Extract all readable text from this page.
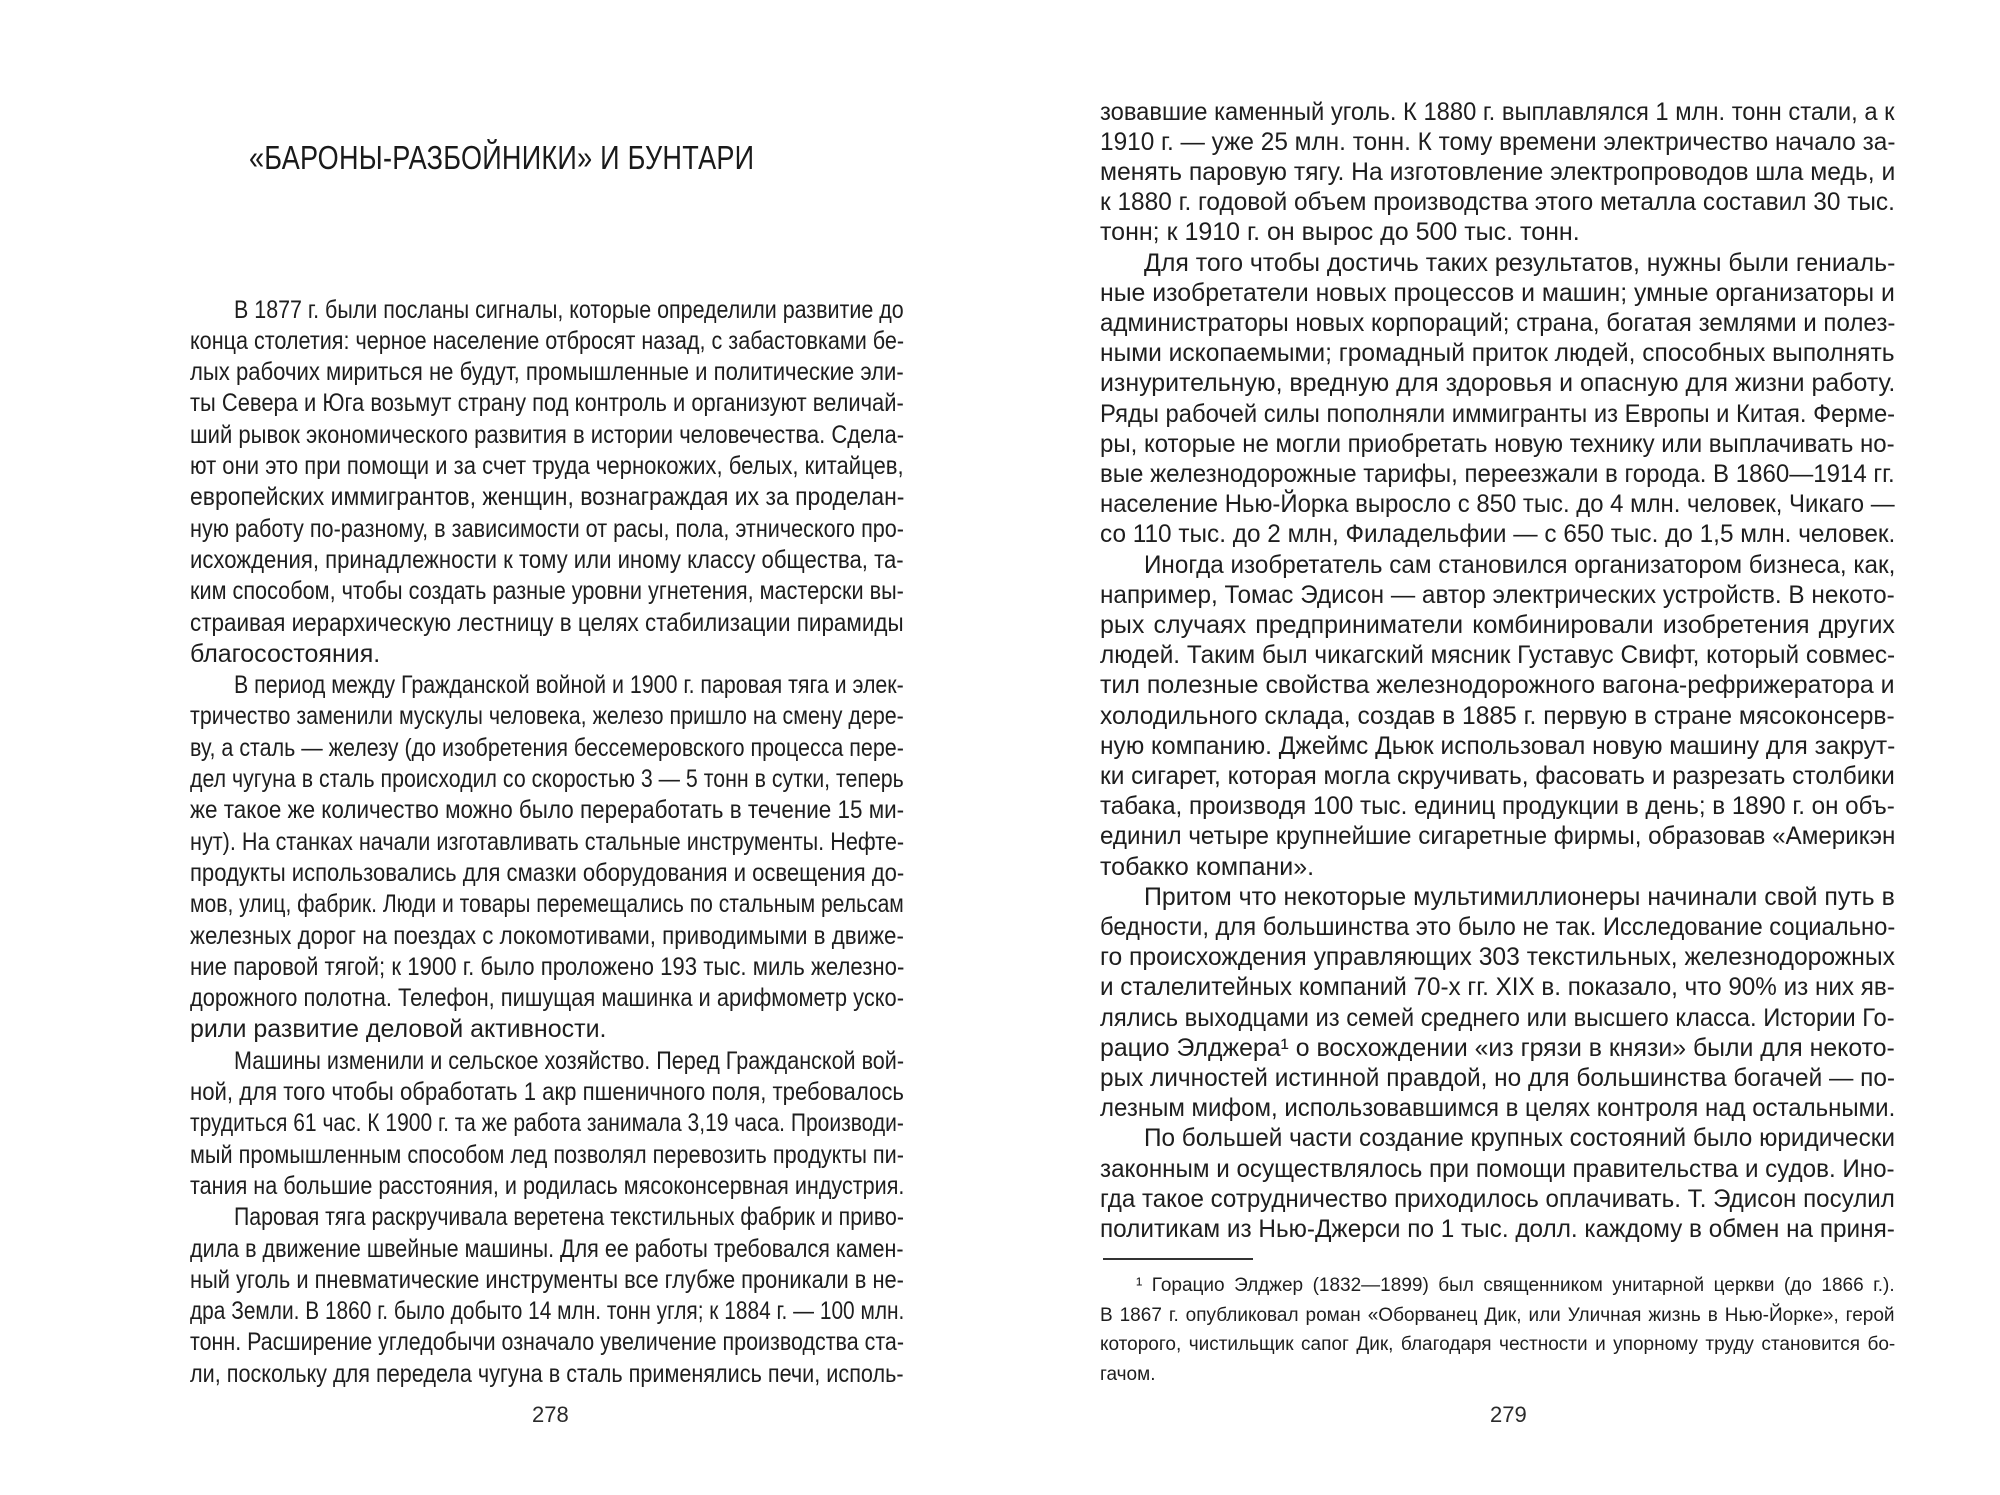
«БАРОНЫ-РАЗБОЙНИКИ» И БУНТАРИ
В 1877 г. были посланы сигналы, которые определили развитие до
конца столетия: черное население отбросят назад, с забастовками бе-
лых рабочих мириться не будут, промышленные и политические эли-
ты Севера и Юга возьмут страну под контроль и организуют величай-
ший рывок экономического развития в истории человечества. Сдела-
ют они это при помощи и за счет труда чернокожих, белых, китайцев,
европейских иммигрантов, женщин, вознаграждая их за проделан-
ную работу по-разному, в зависимости от расы, пола, этнического про-
исхождения, принадлежности к тому или иному классу общества, та-
ким способом, чтобы создать разные уровни угнетения, мастерски вы-
страивая иерархическую лестницу в целях стабилизации пирамиды
благосостояния.
В период между Гражданской войной и 1900 г. паровая тяга и элек-
тричество заменили мускулы человека, железо пришло на смену дере-
ву, а сталь — железу (до изобретения бессемеровского процесса пере-
дел чугуна в сталь происходил со скоростью 3 — 5 тонн в сутки, теперь
же такое же количество можно было переработать в течение 15 ми-
нут). На станках начали изготавливать стальные инструменты. Нефте-
продукты использовались для смазки оборудования и освещения до-
мов, улиц, фабрик. Люди и товары перемещались по стальным рельсам
железных дорог на поездах с локомотивами, приводимыми в движе-
ние паровой тягой; к 1900 г. было проложено 193 тыс. миль железно-
дорожного полотна. Телефон, пишущая машинка и арифмометр уско-
рили развитие деловой активности.
Машины изменили и сельское хозяйство. Перед Гражданской вой-
ной, для того чтобы обработать 1 акр пшеничного поля, требовалось
трудиться 61 час. К 1900 г. та же работа занимала 3,19 часа. Производи-
мый промышленным способом лед позволял перевозить продукты пи-
тания на большие расстояния, и родилась мясоконсервная индустрия.
Паровая тяга раскручивала веретена текстильных фабрик и приво-
дила в движение швейные машины. Для ее работы требовался камен-
ный уголь и пневматические инструменты все глубже проникали в не-
дра Земли. В 1860 г. было добыто 14 млн. тонн угля; к 1884 г. — 100 млн.
тонн. Расширение угледобычи означало увеличение производства ста-
ли, поскольку для передела чугуна в сталь применялись печи, исполь-
278
зовавшие каменный уголь. К 1880 г. выплавлялся 1 млн. тонн стали, а к
1910 г. — уже 25 млн. тонн. К тому времени электричество начало за-
менять паровую тягу. На изготовление электропроводов шла медь, и
к 1880 г. годовой объем производства этого металла составил 30 тыс.
тонн; к 1910 г. он вырос до 500 тыс. тонн.
Для того чтобы достичь таких результатов, нужны были гениаль-
ные изобретатели новых процессов и машин; умные организаторы и
администраторы новых корпораций; страна, богатая землями и полез-
ными ископаемыми; громадный приток людей, способных выполнять
изнурительную, вредную для здоровья и опасную для жизни работу.
Ряды рабочей силы пополняли иммигранты из Европы и Китая. Ферме-
ры, которые не могли приобретать новую технику или выплачивать но-
вые железнодорожные тарифы, переезжали в города. В 1860—1914 гг.
население Нью-Йорка выросло с 850 тыс. до 4 млн. человек, Чикаго —
со 110 тыс. до 2 млн, Филадельфии — с 650 тыс. до 1,5 млн. человек.
Иногда изобретатель сам становился организатором бизнеса, как,
например, Томас Эдисон — автор электрических устройств. В некото-
рых случаях предприниматели комбинировали изобретения других
людей. Таким был чикагский мясник Густавус Свифт, который совмес-
тил полезные свойства железнодорожного вагона-рефрижератора и
холодильного склада, создав в 1885 г. первую в стране мясоконсерв-
ную компанию. Джеймс Дьюк использовал новую машину для закрут-
ки сигарет, которая могла скручивать, фасовать и разрезать столбики
табака, производя 100 тыс. единиц продукции в день; в 1890 г. он объ-
единил четыре крупнейшие сигаретные фирмы, образовав «Америкэн
тобакко компани».
Притом что некоторые мультимиллионеры начинали свой путь в
бедности, для большинства это было не так. Исследование социально-
го происхождения управляющих 303 текстильных, железнодорожных
и сталелитейных компаний 70-х гг. XIX в. показало, что 90% из них яв-
лялись выходцами из семей среднего или высшего класса. Истории Го-
рацио Элджера¹ о восхождении «из грязи в князи» были для некото-
рых личностей истинной правдой, но для большинства богачей — по-
лезным мифом, использовавшимся в целях контроля над остальными.
По большей части создание крупных состояний было юридически
законным и осуществлялось при помощи правительства и судов. Ино-
гда такое сотрудничество приходилось оплачивать. Т. Эдисон посулил
политикам из Нью-Джерси по 1 тыс. долл. каждому в обмен на приня-
¹ Горацио Элджер (1832—1899) был священником унитарной церкви (до 1866 г.).
В 1867 г. опубликовал роман «Оборванец Дик, или Уличная жизнь в Нью-Йорке», герой
которого, чистильщик сапог Дик, благодаря честности и упорному труду становится бо-
гачом.
279
